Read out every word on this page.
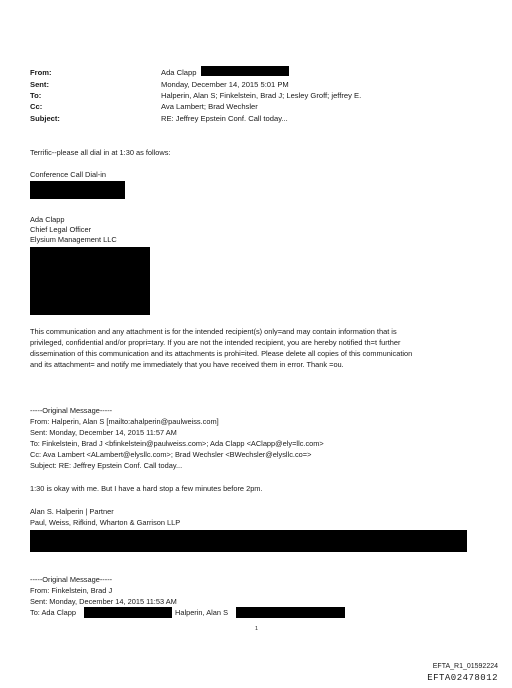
From:	Ada Clapp
Sent:	Monday, December 14, 2015 5:01 PM
To:	Halperin, Alan S; Finkelstein, Brad J; Lesley Groff; jeffrey E.
Cc:	Ava Lambert; Brad Wechsler
Subject:	RE: Jeffrey Epstein Conf. Call today...
Terrific--please all dial in at 1:30 as follows:
Conference Call Dial-in
Ada Clapp
Chief Legal Officer
Elysium Management LLC
This communication and any attachment is for the intended recipient(s) only=and may contain information that is
privileged, confidential and/or propri=tary. If you are not the intended recipient, you are hereby notified th=t further
dissemination of this communication and its attachments is prohi=ited. Please delete all copies of this communication
and its attachment= and notify me immediately that you have received them in error. Thank =ou.
-----Original Message-----
From: Halperin, Alan S [mailto:ahalperin@paulweiss.com]
Sent: Monday, December 14, 2015 11:57 AM
To: Finkelstein, Brad J <bfinkelstein@paulweiss.com>; Ada Clapp <AClapp@ely=llc.com>
Cc: Ava Lambert <ALambert@elysllc.com>; Brad Wechsler <BWechsler@elysllc.co=>
Subject: RE: Jeffrey Epstein Conf. Call today...
1:30 is okay with me. But I have a hard stop a few minutes before 2pm.
Alan S. Halperin | Partner
Paul, Weiss, Rifkind, Wharton & Garrison LLP
-----Original Message-----
From: Finkelstein, Brad J
Sent: Monday, December 14, 2015 11:53 AM
To: Ada Clapp	Halperin, Alan S
1
EFTA_R1_01592224
EFTA02478012
